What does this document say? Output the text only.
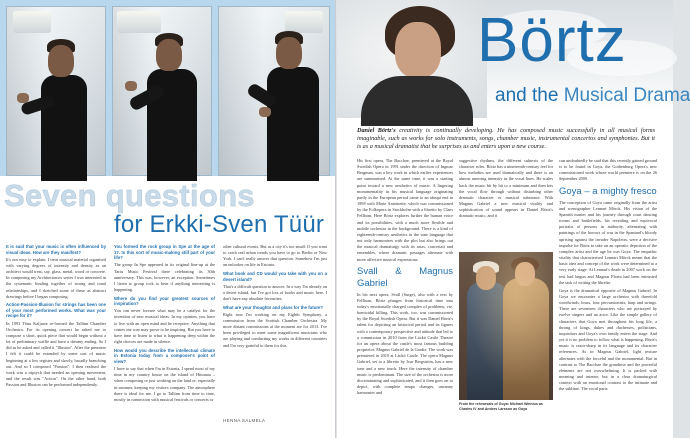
Seven questions
for Erkki-Sven Tüür
It is said that your music is often influenced by visual ideas. How are they manifest?

It's not easy to explain. I treat musical material organised with varying degrees of intensity and density as an architect would treat, say, glass, metal, wood or concrete. In composing my Architectonics series I was interested in the systematic binding together of strong and tonal relationships, and I sketched some of these as abstract drawings before I began composing.

Action-Passion-Illusion for strings has been one of your most performed works. What was your recipe for it?

In 1993 Tõnu Kaljuste re-formed the Tallinn Chamber Orchestra. For its opening concert he asked me to compose a short, quick piece that would begin without a lot of preliminary waffle and have a dreamy ending. So I did as he asked and called it "Illusion". After the premiere I felt it could be extended by some sort of music beginning at a low register and slowly, broadly branching out. And so I composed "Passion". I then realised the work was a triptych that needed an opening movement, and the result was "Action". On the other hand, both Passion and Illusion can be performed independently.

You formed the rock group in Spe at the age of 17. Is this sort of music-making still part of your life?

The group In Spe appeared in its original line-up at the Tartu Music Festival there celebrating its 30th anniversary. This was, however, an exception. Sometimes I listen to group rock to hear if anything interesting is happening.

Where do you find your greatest sources of inspiration?

You can never foresee what may be a catalyst for the invention of new musical ideas. In my opinion, you have to live with an open mind and be receptive. Anything that comes our way may prove to be inspiring. But you have to have time to listen to what is happening deep within the right choices are made in silence.

How would you describe the intellectual climate in Estonia today from a composer's point of view?

I have to say that when I'm in Estonia, I spend most of my time in my country house on the island of Hiiumaa – when composing or just working on the land or, especially in summer, keeping my visitors company. The atmosphere there is ideal for me. I go to Tallinn from time to time, mostly in connection with musical festivals or concerts or

other cultural events. But as a city it's too small. If you want to catch real urban trends you have to go to Berlin or New York. I can't really answer that question. Somehow I'm just an onlooker on life in Estonia.

What book and CD would you take with you on a desert island?

That's a difficult question to answer. In a way I'm already on a desert island, but I've got lots of books and music here. I don't have any absolute favourites.

What are your thoughts and plans for the future?

Right now I'm working on my Eighth Symphony, a commission from the Scottish Chamber Orchestra. My more distant commissions at the moment are for 2013. I've been privileged to meet some magnificent musicians who are playing and conducting my works in different countries and I'm very grateful to them for this.

HENNA SALMELA
Börtz
and the Musical Drama
Daniel Börtz's creativity is continually developing. He has composed music successfully in all musical forms imaginable, such as works for solo instruments, songs, chamber music, instrumental concertos and symphonies. But it is as a musical dramatist that he surprises us and enters upon a new course.

His first opera, The Bacchae, premiered at the Royal Swedish Opera in 1991 under the direction of Ingmar Bergman, was a key work in which earlier experiences are summarised. At the same time, it was a starting point toward a new aesthetics of music. A lingering monumentality in his musical language originating partly in the European period came to an abrupt end in 1998 with Marie Antoinette, which was commissioned by the Folkopera in Stockholm with a libretto by Claes Fellbom. Here Börtz explores further the human voice and its possibilities, with a much more flexible and mobile orchestra in the background. There is a kind of eighteenth-century aesthetics in the tone language that not only harmonises with the plot but also brings out the musical dramaturgy with its arias, concertati and ensembles, where dramatic passages alternate with more affective musical expressions.

Svall & Magnus Gabriel

In his next opera, Svall (Surge), also with a text by Fellbom, Börtz plunges from historical time into today's emotionally charged complex of problems, viz. homicidal killing. This work, too, was commissioned by the Royal Swedish Opera. But it was Daniel Börtz's talent for depicting an historical period and its figures with a contemporary perspective and attitude that led to a commission in 2010 from the Läckö Castle Theatre for an opera about the castle's most famous building proprietor, Magnus Gabriel de la Gardie. The work was premiered in 2010 at Läckö Castle. The opera Magnus Gabriel, set to a libretto by Ivar Bergström, has a new tone and a new touch. Here the intensity of chamber music is predominant. The size of the orchestra is more discriminating and sophisticated, and it then goes on to depict, with complete tempo changes, uncanny harmonies and

suggestive rhythms, the different subtexts of the character roles. Börtz has a nineteenth-century feel for how melodies are used dramatically and there is an almost unerring intensity in the vocal lines. He scales back the music bit by bit to a minimum and then lets the vocal flow through without disturbing other dramatic character or musical substance. With Magnus Gabriel a new musical vitality and sophistication of sound appears in Daniel Börtz's dramatic music, and it

can undoubtedly be said that this recently gained ground is to be found in Goya, the Gothenburg Opera's new commissioned work whose world premiere is on the 26 September 2009.

Goya – a mighty fresco

The conception of Goya came originally from the artist and scenographer Lennart Mörck. His vision of the Spanish master and his journey through court dancing rooms and battlefields, his revealing and equivocal portraits of persons in authority, alternating with paintings of the horrors of war in the Spaniard's bloody uprising against the invader Napoleon, were a decisive impulse for Börtz to take on an operatic depiction of the complex artist and the age he was Goya. The empathic vitality that characterised Lennart Mörck meant that the basic idea and concept of the work were determined at a very early stage. At Lennart's death in 2007 work on the text had begun and Magnus Florin had been entrusted the task of writing the libretto.

Goya is the dramatical opposite of Magnus Gabriel. In Goya we encounter a large orchestra with threefold woodwinds, brass, four percussionists, harp and strings. There are seventeen characters who are portrayed by twelve singers and an actor. Like the simple gallery of characters that Goya met throughout his long life, a throng of kings, dukes and duchesses, politicians, inquisitors and Goya's own family enters the stage. And yet it is no problem to follow what is happening. Börtz's music is razor-sharp in its language and its character references. As in Magnus Gabriel, light texture alternates with the forceful and the monumental. But in contrast to The Bacchae the grandiose and the powerful elements are not overwhelming. It is packed with meaning and intense, but in a clear dramaturgical context with an emotional contrast to the intimate and the sublime. The vocal parts

From the rehearsals of Goya: Michael Weinius as Charles IV and Anders Larsson as Goya
